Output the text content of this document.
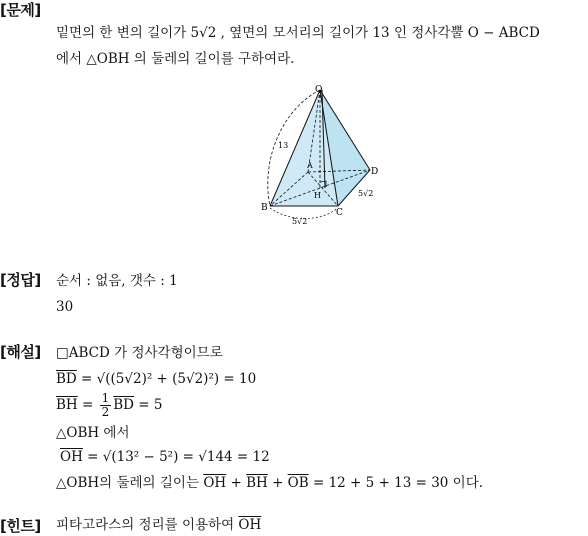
[문제]
밑면의 한 변의 길이가 5√2 , 옆면의 모서리의 길이가 13 인 정사각뿔 O − ABCD
에서 △OBH 의 둘레의 길이를 구하여라.
O
A
B	C
D
H
13
5√2
5√2
[정답] 순서 : 없음, 갯수 : 1
30
[해설] □ABCD 가 정사각형이므로
$\overline{BD} = √((5√2)^2 + (5√2)^2) = 10$
$\overline{BH} = \frac{1}{2} \overline{BD} = 5$
△OBH 에서
$\overline{OH} = √(13^2 - 5^2) = √144 = 12$
△OBH의 둘레의 길이는 $\overline{OH} + \overline{BH} + \overline{OB} = 12 + 5 + 13 = 30$ 이다.
[힌트] 피타고라스의 정리를 이용하여 $\overline{OH}$
